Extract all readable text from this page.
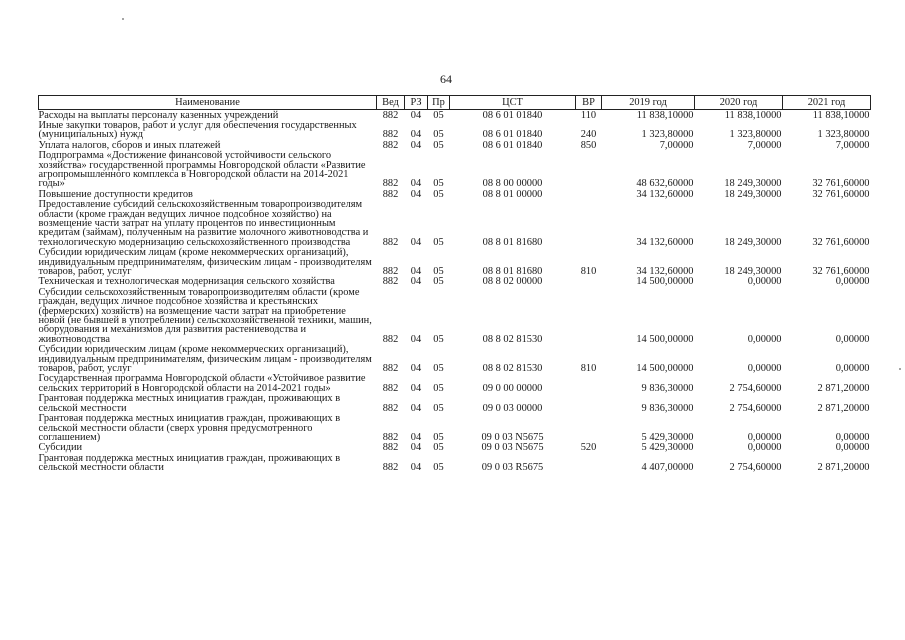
64
Наименование	Вед	РЗ	Пр	ЦСТ	ВР	2019 год	2020 год	2021 год
Расходы на выплаты персоналу казенных учреждений	882	04	05	08 6 01 01840	110	11 838,10000	11 838,10000	11 838,10000
Иные закупки товаров, работ и услуг для обеспечения государственных (муниципальных) нужд	882	04	05	08 6 01 01840	240	1 323,80000	1 323,80000	1 323,80000
Уплата налогов, сборов и иных платежей	882	04	05	08 6 01 01840	850	7,00000	7,00000	7,00000
Подпрограмма «Достижение финансовой устойчивости сельского хозяйства» государственной программы Новгородской области «Развитие агропромышленного комплекса в Новгородской области на 2014-2021 годы»	882	04	05	08 8 00 00000		48 632,60000	18 249,30000	32 761,60000
Повышение доступности кредитов	882	04	05	08 8 01 00000		34 132,60000	18 249,30000	32 761,60000
Предоставление субсидий сельскохозяйственным товаропроизводителям области (кроме граждан ведущих личное подсобное хозяйство) на возмещение части затрат на уплату процентов по инвестиционным кредитам (займам), полученным на развитие молочного животноводства и технологическую модернизацию сельскохозяйственного производства	882	04	05	08 8 01 81680		34 132,60000	18 249,30000	32 761,60000
Субсидии юридическим лицам (кроме некоммерческих организаций), индивидуальным предпринимателям, физическим лицам - производителям товаров, работ, услуг	882	04	05	08 8 01 81680	810	34 132,60000	18 249,30000	32 761,60000
Техническая и технологическая модернизация сельского хозяйства	882	04	05	08 8 02 00000		14 500,00000	0,00000	0,00000
Субсидии сельскохозяйственным товаропроизводителям области (кроме граждан, ведущих личное подсобное хозяйства и крестьянских (фермерских) хозяйств) на возмещение части затрат на приобретение новой (не бывшей в употреблении) сельскохозяйственной техники, машин, оборудования и механизмов для развития растениеводства и животноводства	882	04	05	08 8 02 81530		14 500,00000	0,00000	0,00000
Субсидии юридическим лицам (кроме некоммерческих организаций), индивидуальным предпринимателям, физическим лицам - производителям товаров, работ, услуг	882	04	05	08 8 02 81530	810	14 500,00000	0,00000	0,00000
Государственная программа Новгородской области «Устойчивое развитие сельских территорий в Новгородской области на 2014-2021 годы»	882	04	05	09 0 00 00000		9 836,30000	2 754,60000	2 871,20000
Грантовая поддержка местных инициатив граждан, проживающих в сельской местности	882	04	05	09 0 03 00000		9 836,30000	2 754,60000	2 871,20000
Грантовая поддержка местных инициатив граждан, проживающих в сельской местности области (сверх уровня предусмотренного соглашением)	882	04	05	09 0 03 N5675		5 429,30000	0,00000	0,00000
Субсидии	882	04	05	09 0 03 N5675	520	5 429,30000	0,00000	0,00000
Грантовая поддержка местных инициатив граждан, проживающих в сельской местности области	882	04	05	09 0 03 R5675		4 407,00000	2 754,60000	2 871,20000
